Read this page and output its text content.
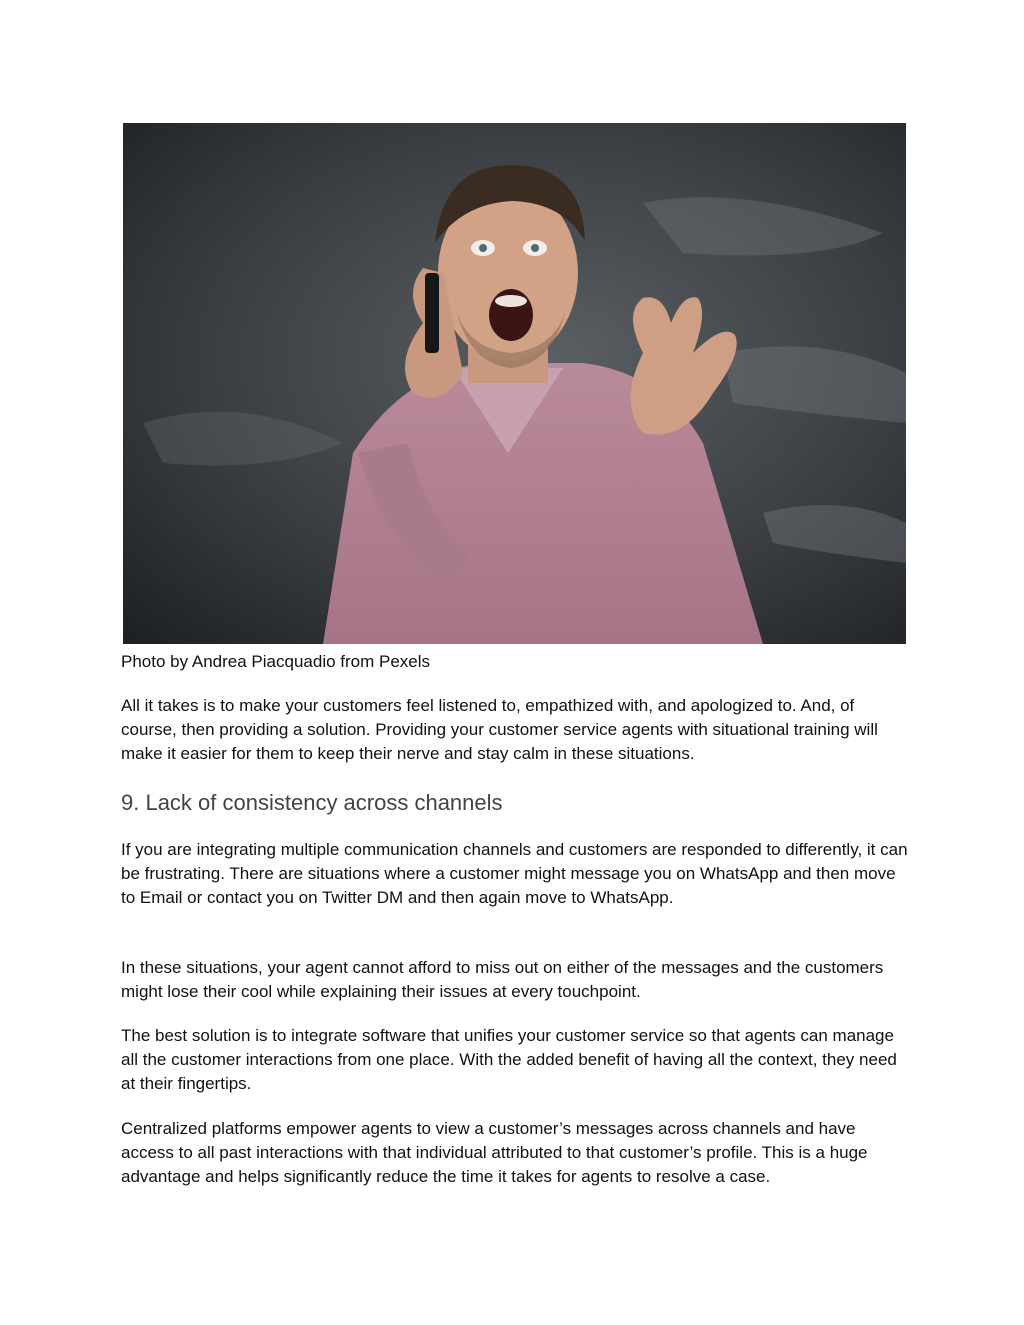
Photo by Andrea Piacquadio from Pexels

All it takes is to make your customers feel listened to, empathized with, and apologized to. And, of course, then providing a solution. Providing your customer service agents with situational training will make it easier for them to keep their nerve and stay calm in these situations.

9. Lack of consistency across channels

If you are integrating multiple communication channels and customers are responded to differently, it can be frustrating. There are situations where a customer might message you on WhatsApp and then move to Email or contact you on Twitter DM and then again move to WhatsApp.

In these situations, your agent cannot afford to miss out on either of the messages and the customers might lose their cool while explaining their issues at every touchpoint.

The best solution is to integrate software that unifies your customer service so that agents can manage all the customer interactions from one place. With the added benefit of having all the context, they need at their fingertips.

Centralized platforms empower agents to view a customer’s messages across channels and have access to all past interactions with that individual attributed to that customer’s profile. This is a huge advantage and helps significantly reduce the time it takes for agents to resolve a case.
